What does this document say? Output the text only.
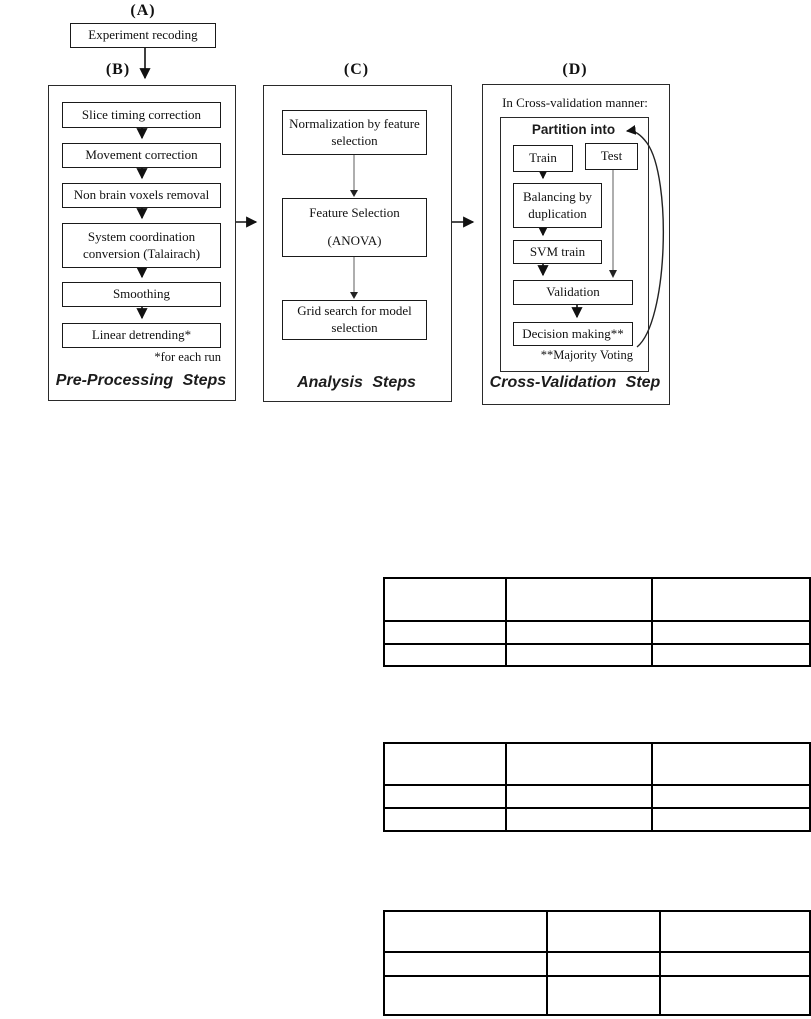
(A)
Experiment recoding
(B)
Slice timing correction
Movement correction
Non brain voxels removal
System coordination conversion (Talairach)
Smoothing
Linear detrending*
*for each run
Pre-Processing Steps
(C)
Normalization by feature selection
Feature Selection
(ANOVA)
Grid search for model selection
Analysis Steps
(D)
In Cross-validation manner:
Partition into
Train	Test
Balancing by duplication
SVM train
Validation
Decision making**
**Majority Voting
Cross-Validation Step
